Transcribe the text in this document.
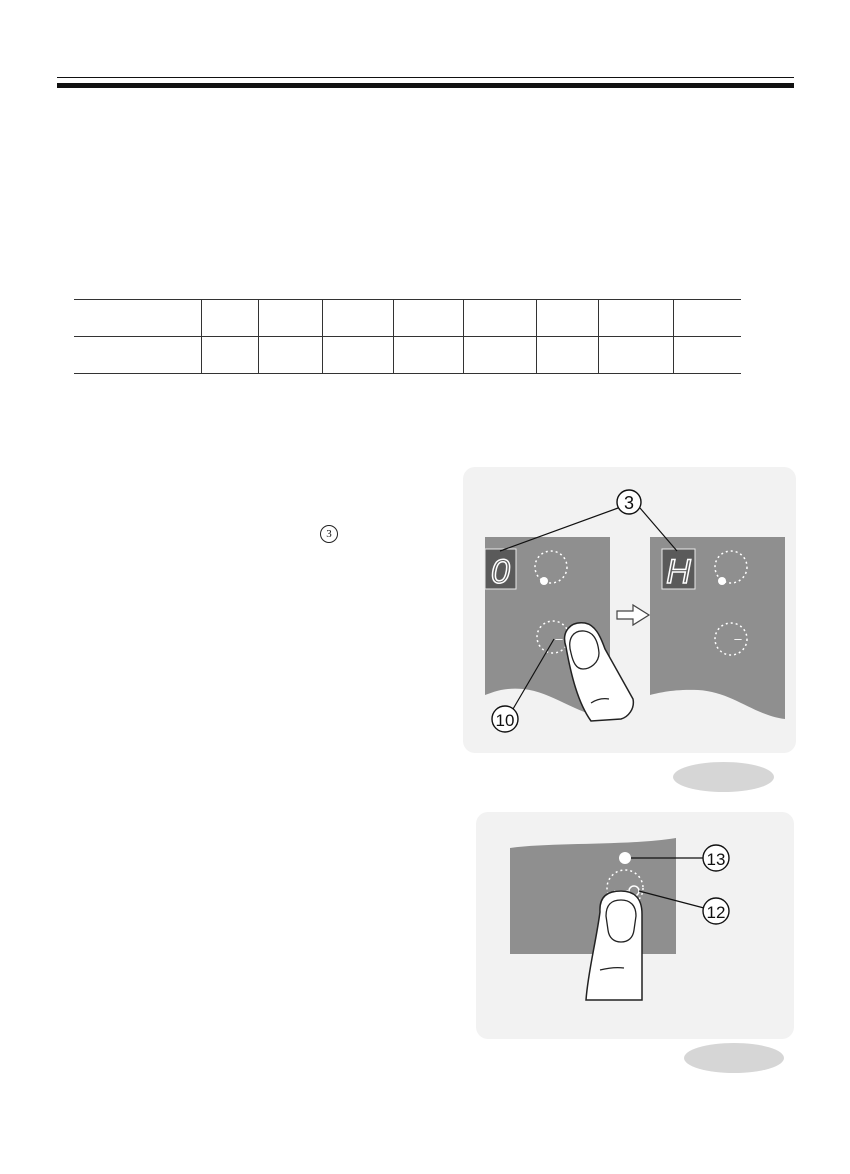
3
0
–
H
–
3
10
13
12
